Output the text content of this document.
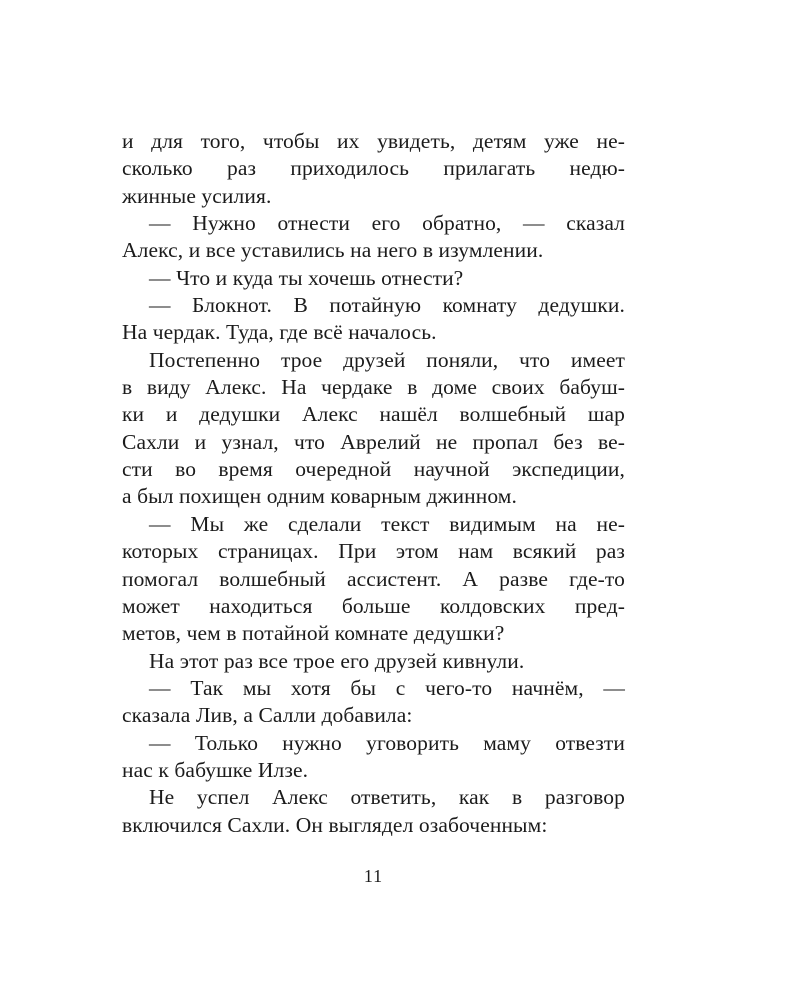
и для того, чтобы их увидеть, детям уже не-
сколько раз приходилось прилагать недю-
жинные усилия.
— Нужно отнести его обратно, — сказал
Алекс, и все уставились на него в изумлении.
— Что и куда ты хочешь отнести?
— Блокнот. В потайную комнату дедушки.
На чердак. Туда, где всё началось.
Постепенно трое друзей поняли, что имеет
в виду Алекс. На чердаке в доме своих бабуш-
ки и дедушки Алекс нашёл волшебный шар
Сахли и узнал, что Аврелий не пропал без ве-
сти во время очередной научной экспедиции,
а был похищен одним коварным джинном.
— Мы же сделали текст видимым на не-
которых страницах. При этом нам всякий раз
помогал волшебный ассистент. А разве где-то
может находиться больше колдовских пред-
метов, чем в потайной комнате дедушки?
На этот раз все трое его друзей кивнули.
— Так мы хотя бы с чего-то начнём, —
сказала Лив, а Салли добавила:
— Только нужно уговорить маму отвезти
нас к бабушке Илзе.
Не успел Алекс ответить, как в разговор
включился Сахли. Он выглядел озабоченным:
11
